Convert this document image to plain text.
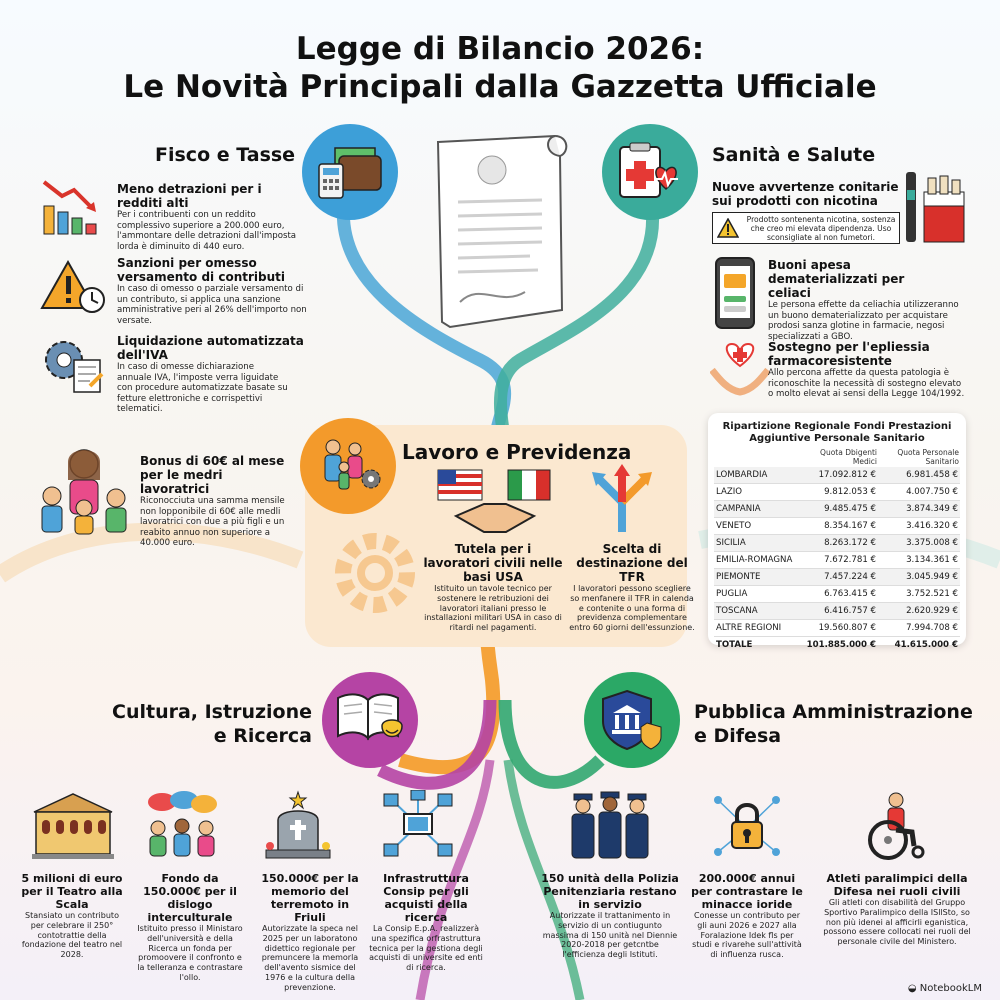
Legge di Bilancio 2026:
Le Novità Principali dalla Gazzetta Ufficiale
Fisco e Tasse
Meno detrazioni per i redditi alti
Per i contribuenti con un reddito complessivo superiore a 200.000 euro, l'ammontare delle detrazioni dall'imposta lorda è diminuito di 440 euro.
Sanzioni per omesso versamento di contributi
In caso di omesso o parziale versamento di un contributo, si applica una sanzione amministrative peri al 26% dell'importo non versate.
Liquidazione automatizzata dell'IVA
In caso di omesse dichiarazione annuale IVA, l'imposte verra liguidate con procedure automatizzate basate su fetture elettroniche e corrispettivi telematici.
Sanità e Salute
Nuove avvertenze conitarie sui prodotti con nicotina
Prodotto sontenenta nicotina, sostenza che creo mi elevata dipendenza. Uso sconsigliate al non fumetori.
Buoni apesa dematerializzati per celiaci
Le persona effette da celiachia utilizzeranno un buono dematerializzato per acquistare prodosi sanza glotine in farmacie, negosi specializzati a GBO.
Sostegno per l'epliessia farmacoresistente
Allo percona affette da questa patologia è riconoschite la necessità di sostegno elevato o molto elevat ai sensi della Legge 104/1992.
Ripartizione Regionale Fondi Prestazioni Aggiuntive Personale Sanitario
	Quota Dbigenti Medici	Quota Personale Sanitario
LOMBARDIA	17.092.812 €	6.981.458 €
LAZIO	9.812.053 €	4.007.750 €
CAMPANIA	9.485.475 €	3.874.349 €
VENETO	8.354.167 €	3.416.320 €
SICILIA	8.263.172 €	3.375.008 €
EMILIA-ROMAGNA	7.672.781 €	3.134.361 €
PIEMONTE	7.457.224 €	3.045.949 €
PUGLIA	6.763.415 €	3.752.521 €
TOSCANA	6.416.757 €	2.620.929 €
ALTRE REGIONI	19.560.807 €	7.994.708 €
TOTALE	101.885.000 €	41.615.000 €
Lavoro e Previdenza
Tutela per i lavoratori civili nelle basi USA
Istituito un tavole tecnico per sostenere le retribuzioni dei lavoratori italiani presso le installazioni militari USA in caso di ritardi nel pagamenti.
Scelta di destinazione del TFR
I lavoratori pessono scegliere so menfanere il TFR in calenda e contenite o una forma di previdenza complementare entro 60 giorni dell'essunzione.
Bonus di 60€ al mese per le medri lavoratrici
Riconocciuta una samma mensile non lopponibile di 60€ alle medli lavoratrici con due a più figli e un reabito annuo non superiore a 40.000 euro.
Cultura, Istruzione
e Ricerca
5 milioni di euro per il Teatro alla Scala
Stansiato un contributo per celebrare il 250° contotrattie della fondazione del teatro nel 2028.
Fondo da 150.000€ per il dislogo interculturale
Istituito presso il Ministaro dell'università e della Ricerca un fonda per promoovere il confronto e la telleranza e contrastare l'ollo.
150.000€ per la memorio del terremoto in Friuli
Autorizzate la speca nel 2025 per un laboratono didettico regionale per premuncere la memorla dell'avento sismice del 1976 e la cultura della prevenzione.
Infrastruttura Consip per gli acquisti della ricerca
La Consip E.p.A. realizzerà una spezifica orfrastruttura tecnica per la gestiona degli acquisti di universite ed enti di ricerca.
Pubblica Amministrazione
e Difesa
150 unità della Polizia Penitenziaria restano in servizio
Autorizzate il trattanimento in servizio di un contiugunto massima di 150 unità nel Diennie 2020-2018 per getcntbe l'efficienza degli Istituti.
200.000€ annui per contrastare le minacce ioride
Conesse un contributo per gli auni 2026 e 2027 alla Foralazione Idek fls per studi e rivarehe sull'attività di influenza rusca.
Atleti paralimpici della Difesa nei ruoli civili
Gli atleti con disabilità del Gruppo Sportivo Paralimpico della ISllSto, so non più idenei al afficirli eganistica, possono essere collocati nei ruoli del personale civile del Ministero.
◒ NotebookLM
